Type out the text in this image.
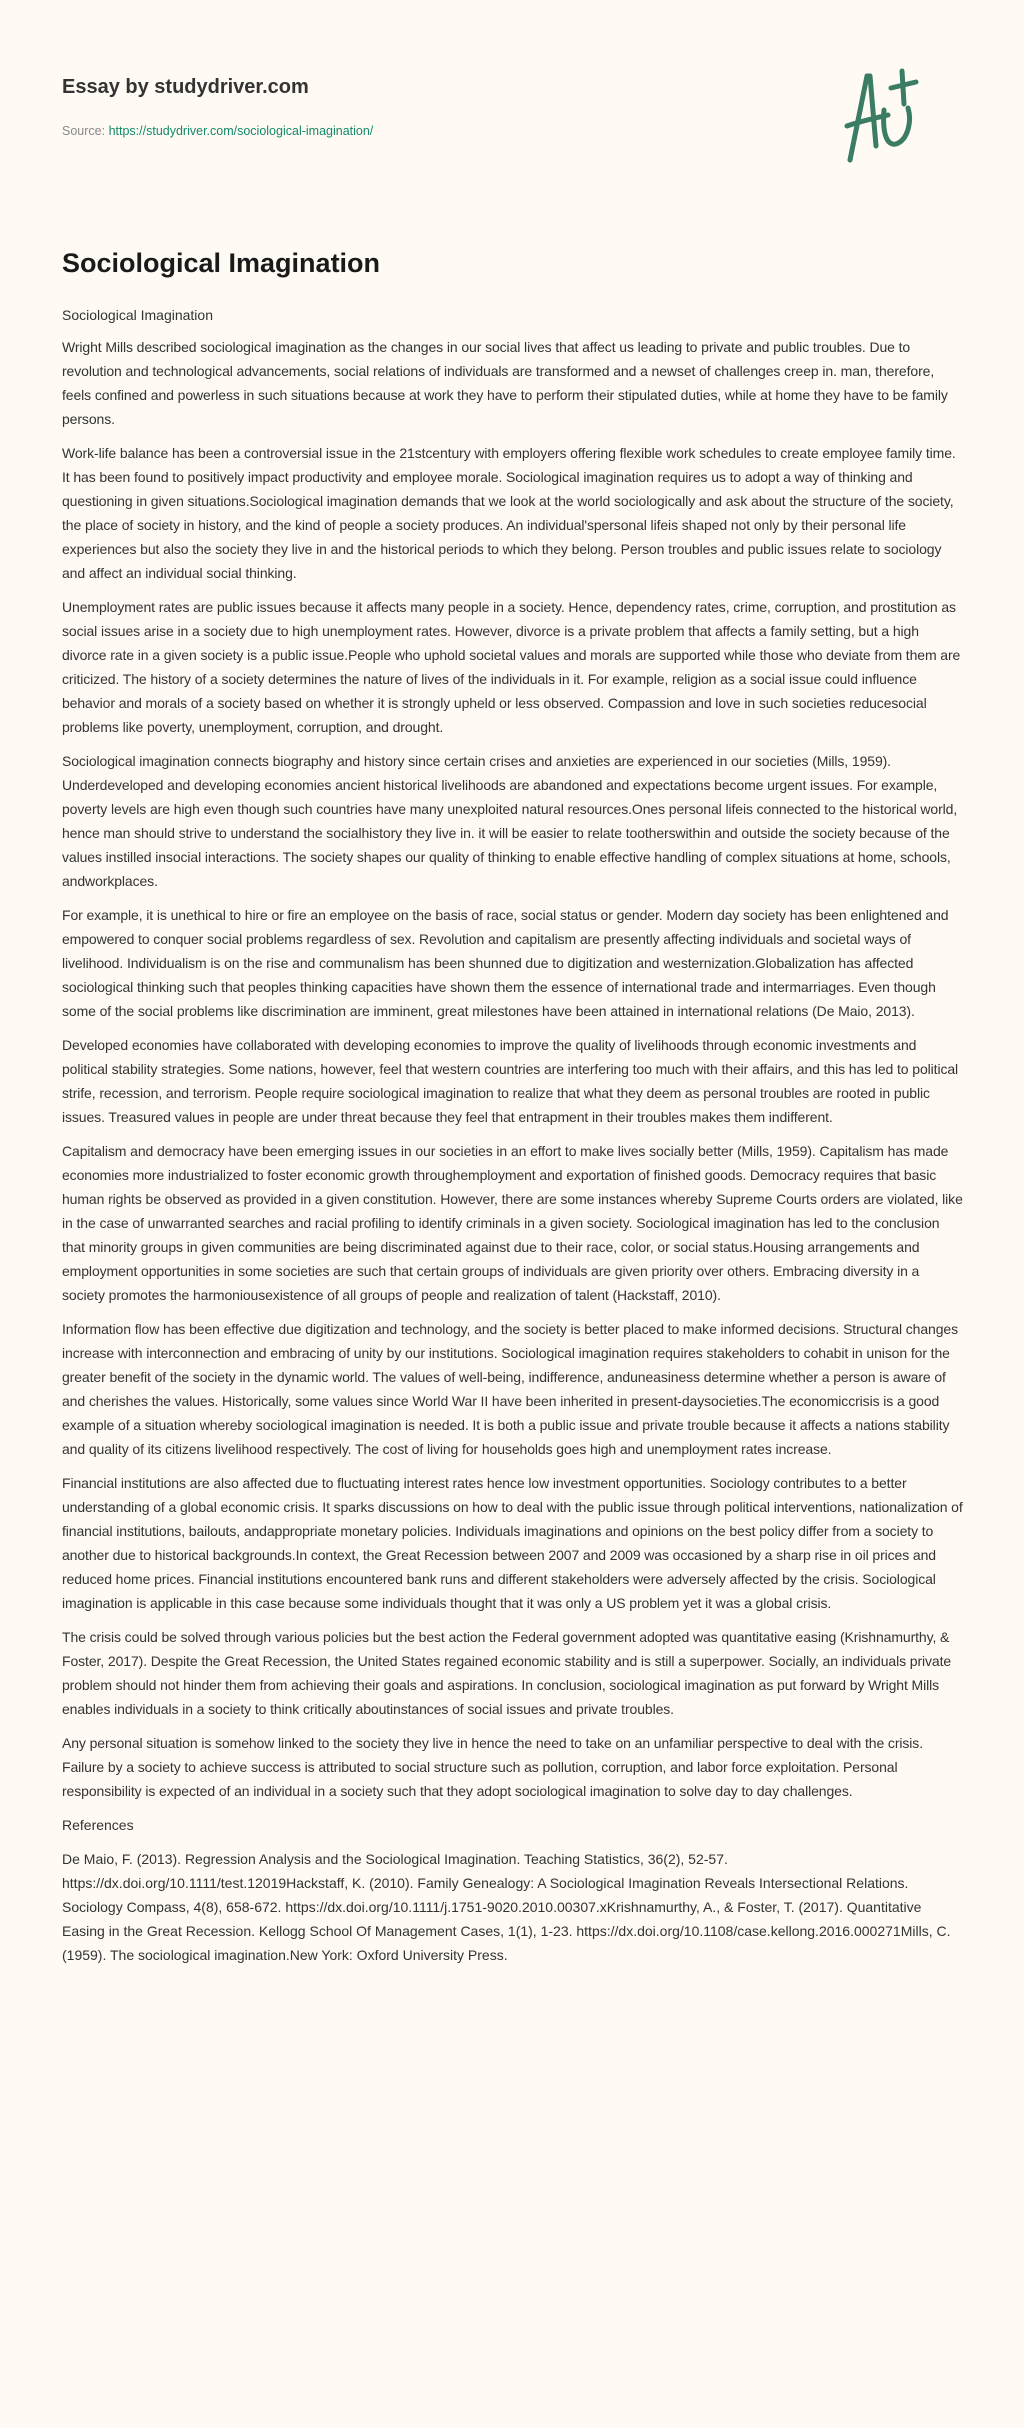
Essay by studydriver.com
Source: https://studydriver.com/sociological-imagination/
Sociological Imagination

Sociological Imagination

Wright Mills described sociological imagination as the changes in our social lives that affect us leading to private and public troubles. Due to revolution and technological advancements, social relations of individuals are transformed and a newset of challenges creep in. man, therefore, feels confined and powerless in such situations because at work they have to perform their stipulated duties, while at home they have to be family persons.

Work-life balance has been a controversial issue in the 21stcentury with employers offering flexible work schedules to create employee family time. It has been found to positively impact productivity and employee morale. Sociological imagination requires us to adopt a way of thinking and questioning in given situations.Sociological imagination demands that we look at the world sociologically and ask about the structure of the society, the place of society in history, and the kind of people a society produces. An individual'spersonal lifeis shaped not only by their personal life experiences but also the society they live in and the historical periods to which they belong. Person troubles and public issues relate to sociology and affect an individual social thinking.

Unemployment rates are public issues because it affects many people in a society. Hence, dependency rates, crime, corruption, and prostitution as social issues arise in a society due to high unemployment rates. However, divorce is a private problem that affects a family setting, but a high divorce rate in a given society is a public issue.People who uphold societal values and morals are supported while those who deviate from them are criticized. The history of a society determines the nature of lives of the individuals in it. For example, religion as a social issue could influence behavior and morals of a society based on whether it is strongly upheld or less observed. Compassion and love in such societies reducesocial problems like poverty, unemployment, corruption, and drought.

Sociological imagination connects biography and history since certain crises and anxieties are experienced in our societies (Mills, 1959). Underdeveloped and developing economies ancient historical livelihoods are abandoned and expectations become urgent issues. For example, poverty levels are high even though such countries have many unexploited natural resources.Ones personal lifeis connected to the historical world, hence man should strive to understand the socialhistory they live in. it will be easier to relate tootherswithin and outside the society because of the values instilled insocial interactions. The society shapes our quality of thinking to enable effective handling of complex situations at home, schools, andworkplaces.

For example, it is unethical to hire or fire an employee on the basis of race, social status or gender. Modern day society has been enlightened and empowered to conquer social problems regardless of sex. Revolution and capitalism are presently affecting individuals and societal ways of livelihood. Individualism is on the rise and communalism has been shunned due to digitization and westernization.Globalization has affected sociological thinking such that peoples thinking capacities have shown them the essence of international trade and intermarriages. Even though some of the social problems like discrimination are imminent, great milestones have been attained in international relations (De Maio, 2013).

Developed economies have collaborated with developing economies to improve the quality of livelihoods through economic investments and political stability strategies. Some nations, however, feel that western countries are interfering too much with their affairs, and this has led to political strife, recession, and terrorism. People require sociological imagination to realize that what they deem as personal troubles are rooted in public issues. Treasured values in people are under threat because they feel that entrapment in their troubles makes them indifferent.

Capitalism and democracy have been emerging issues in our societies in an effort to make lives socially better (Mills, 1959). Capitalism has made economies more industrialized to foster economic growth throughemployment and exportation of finished goods. Democracy requires that basic human rights be observed as provided in a given constitution. However, there are some instances whereby Supreme Courts orders are violated, like in the case of unwarranted searches and racial profiling to identify criminals in a given society. Sociological imagination has led to the conclusion that minority groups in given communities are being discriminated against due to their race, color, or social status.Housing arrangements and employment opportunities in some societies are such that certain groups of individuals are given priority over others. Embracing diversity in a society promotes the harmoniousexistence of all groups of people and realization of talent (Hackstaff, 2010).

Information flow has been effective due digitization and technology, and the society is better placed to make informed decisions. Structural changes increase with interconnection and embracing of unity by our institutions. Sociological imagination requires stakeholders to cohabit in unison for the greater benefit of the society in the dynamic world. The values of well-being, indifference, anduneasiness determine whether a person is aware of and cherishes the values. Historically, some values since World War II have been inherited in present-daysocieties.The economiccrisis is a good example of a situation whereby sociological imagination is needed. It is both a public issue and private trouble because it affects a nations stability and quality of its citizens livelihood respectively. The cost of living for households goes high and unemployment rates increase.

Financial institutions are also affected due to fluctuating interest rates hence low investment opportunities. Sociology contributes to a better understanding of a global economic crisis. It sparks discussions on how to deal with the public issue through political interventions, nationalization of financial institutions, bailouts, andappropriate monetary policies. Individuals imaginations and opinions on the best policy differ from a society to another due to historical backgrounds.In context, the Great Recession between 2007 and 2009 was occasioned by a sharp rise in oil prices and reduced home prices. Financial institutions encountered bank runs and different stakeholders were adversely affected by the crisis. Sociological imagination is applicable in this case because some individuals thought that it was only a US problem yet it was a global crisis.

The crisis could be solved through various policies but the best action the Federal government adopted was quantitative easing (Krishnamurthy, & Foster, 2017). Despite the Great Recession, the United States regained economic stability and is still a superpower. Socially, an individuals private problem should not hinder them from achieving their goals and aspirations. In conclusion, sociological imagination as put forward by Wright Mills enables individuals in a society to think critically aboutinstances of social issues and private troubles.

Any personal situation is somehow linked to the society they live in hence the need to take on an unfamiliar perspective to deal with the crisis. Failure by a society to achieve success is attributed to social structure such as pollution, corruption, and labor force exploitation. Personal responsibility is expected of an individual in a society such that they adopt sociological imagination to solve day to day challenges.

References

De Maio, F. (2013). Regression Analysis and the Sociological Imagination. Teaching Statistics, 36(2), 52-57. https://dx.doi.org/10.1111/test.12019Hackstaff, K. (2010). Family Genealogy: A Sociological Imagination Reveals Intersectional Relations. Sociology Compass, 4(8), 658-672. https://dx.doi.org/10.1111/j.1751-9020.2010.00307.xKrishnamurthy, A., & Foster, T. (2017). Quantitative Easing in the Great Recession. Kellogg School Of Management Cases, 1(1), 1-23. https://dx.doi.org/10.1108/case.kellong.2016.000271Mills, C. (1959). The sociological imagination.New York: Oxford University Press.
